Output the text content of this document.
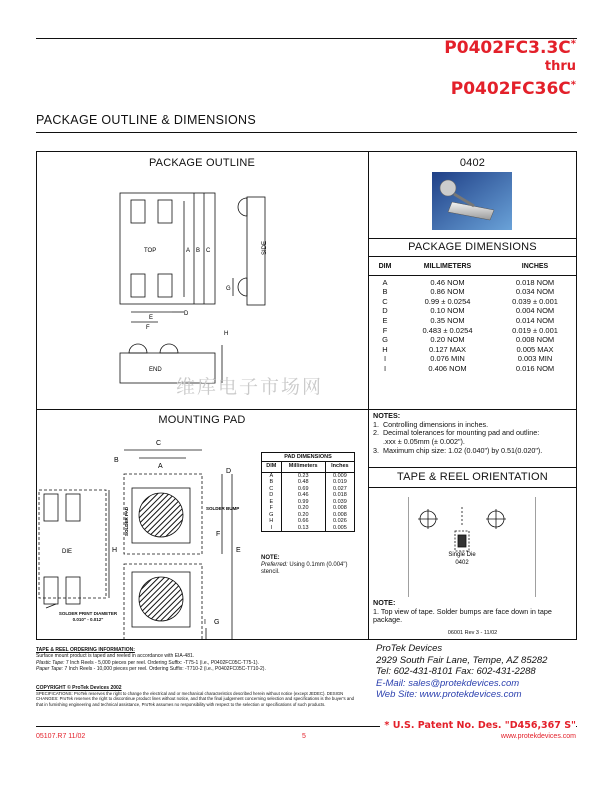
P0402FC3.3C*
thru
P0402FC36C*
PACKAGE OUTLINE & DIMENSIONS
PACKAGE OUTLINE
TOP	A B C	SIDE
G
D
E
F
H
END
0402
PACKAGE DIMENSIONS
DIM	MILLIMETERS	INCHES

A	0.46 NOM	0.018 NOM
B	0.86 NOM	0.034 NOM
C	0.99 ± 0.0254	0.039 ± 0.001
D	0.10 NOM	0.004 NOM
E	0.35 NOM	0.014 NOM
F	0.483 ± 0.0254	0.019 ± 0.001
G	0.20 NOM	0.008 NOM
H	0.127 MAX	0.005 MAX
I	0.076 MIN	0.003 MIN
I	0.406 NOM	0.016 NOM
维库电子市场网
MOUNTING PAD
DIE
SOLDER PAD	SOLDER BUMP
C
A
B
D
F
E
H
I G
SOLDER PRINT DIAMETER 0.010" - 0.012"
PAD DIMENSIONS
DIM	Millimeters	Inches
A	0.23	0.009
B	0.48	0.019
C	0.69	0.027
D	0.46	0.018
E	0.99	0.039
F	0.20	0.008
G	0.20	0.008
H	0.66	0.026
I	0.13	0.005
NOTE:
Preferred: Using 0.1mm (0.004") stencil.
NOTES:
1.  Controlling dimensions in inches.
2.  Decimal tolerances for mounting pad and outline:
.xxx ± 0.05mm (± 0.002").
3.  Maximum chip size: 1.02 (0.040") by 0.51(0.020").
TAPE & REEL ORIENTATION
Single Die
0402
NOTE:
1. Top view of tape. Solder bumps are face down in tape package.
06001 Rev 3 - 11/02
TAPE & REEL ORDERING INFORMATION:
Surface mount product is taped and reeled in accordance with EIA-481.
Plastic Tape: 7 Inch Reels - 5,000 pieces per reel. Ordering Suffix: -T75-1 (i.e., P0402FC05C-T75-1).
Paper Tape: 7 Inch Reels - 10,000 pieces per reel. Ordering Suffix: -T710-2 (i.e., P0402FC05C-T710-2).
COPYRIGHT © ProTek Devices 2002
SPECIFICATIONS: ProTek reserves the right to change the electrical and or mechanical characteristics described herein without notice (except JEDEC). DESIGN CHANGES: ProTek reserves the right to discontinue product lines without notice, and that the final judgement concerning selection and specifications is the buyer's and that in furnishing engineering and technical assistance, ProTek assumes no responsibility with respect to the selection or specifications of such products.
ProTek Devices
2929 South Fair Lane, Tempe, AZ 85282
Tel: 602-431-8101 Fax: 602-431-2288
E-Mail: sales@protekdevices.com
Web Site: www.protekdevices.com
05107.R7 11/02	5
* U.S. Patent No. Des. "D456,367 S"
www.protekdevices.com
